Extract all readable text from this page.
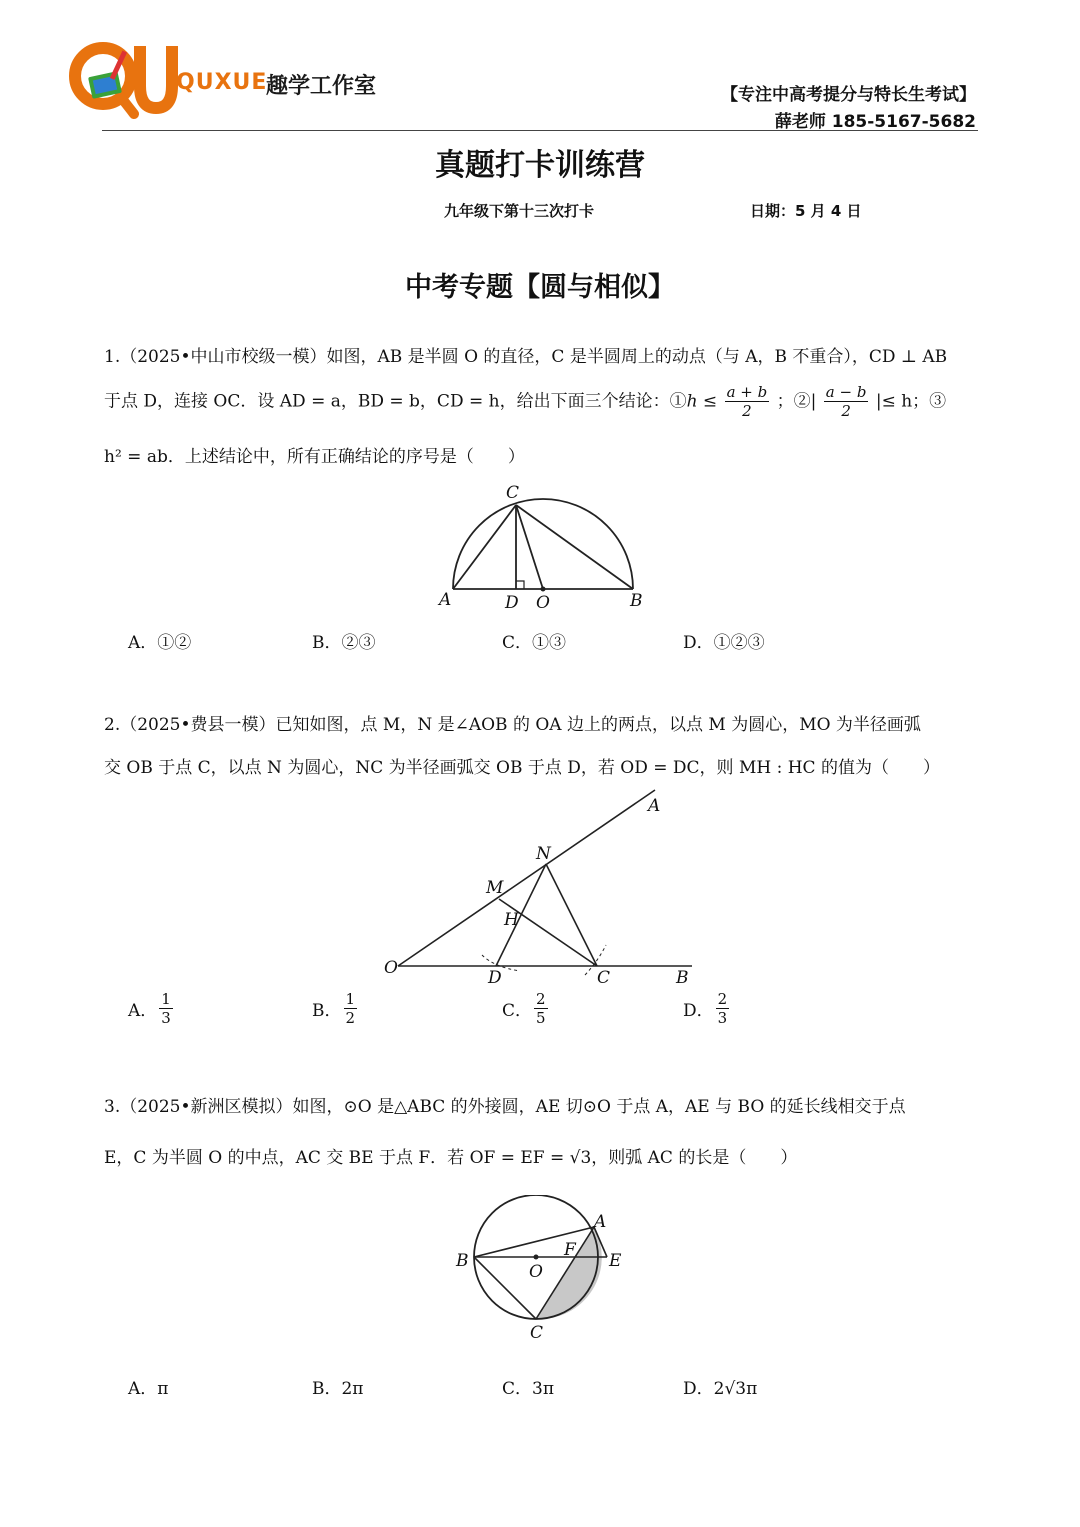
QUXUE
趣学工作室	【专注中高考提分与特长生考试】
薛老师 185-5167-5682
真题打卡训练营
九年级下第十三次打卡	日期：5 月 4 日
中考专题【圆与相似】
1.（2025•中山市校级一模）如图，AB 是半圆 O 的直径，C 是半圆周上的动点（与 A，B 不重合），CD ⊥ AB
于点 D，连接 OC．设 AD = a，BD = b，CD = h，给出下面三个结论：①h ≤ $\frac{a + b}{2}$ ；②| $\frac{a - b}{2}$ |≤ h；③
h² = ab．上述结论中，所有正确结论的序号是（　　）
C
A	D O	B
A．①②	B．②③	C．①③	D．①②③
2.（2025•费县一模）已知如图，点 M，N 是∠AOB 的 OA 边上的两点，以点 M 为圆心，MO 为半径画弧
交 OB 于点 C，以点 N 为圆心，NC 为半径画弧交 OB 于点 D，若 OD = DC，则 MH : HC 的值为（　　）
A
N
M
H
O	D	C	B
A． $\frac{1}{3}$	B． $\frac{1}{2}$	C． $\frac{2}{5}$	D． $\frac{2}{3}$
3.（2025•新洲区模拟）如图，⊙O 是△ABC 的外接圆，AE 切⊙O 于点 A，AE 与 BO 的延长线相交于点
E，C 为半圆 O 的中点，AC 交 BE 于点 F．若 OF = EF = √3，则弧 AC 的长是（　　）
A
B
F
E
O
C
A．π	B．2π	C．3π	D．2√3π
